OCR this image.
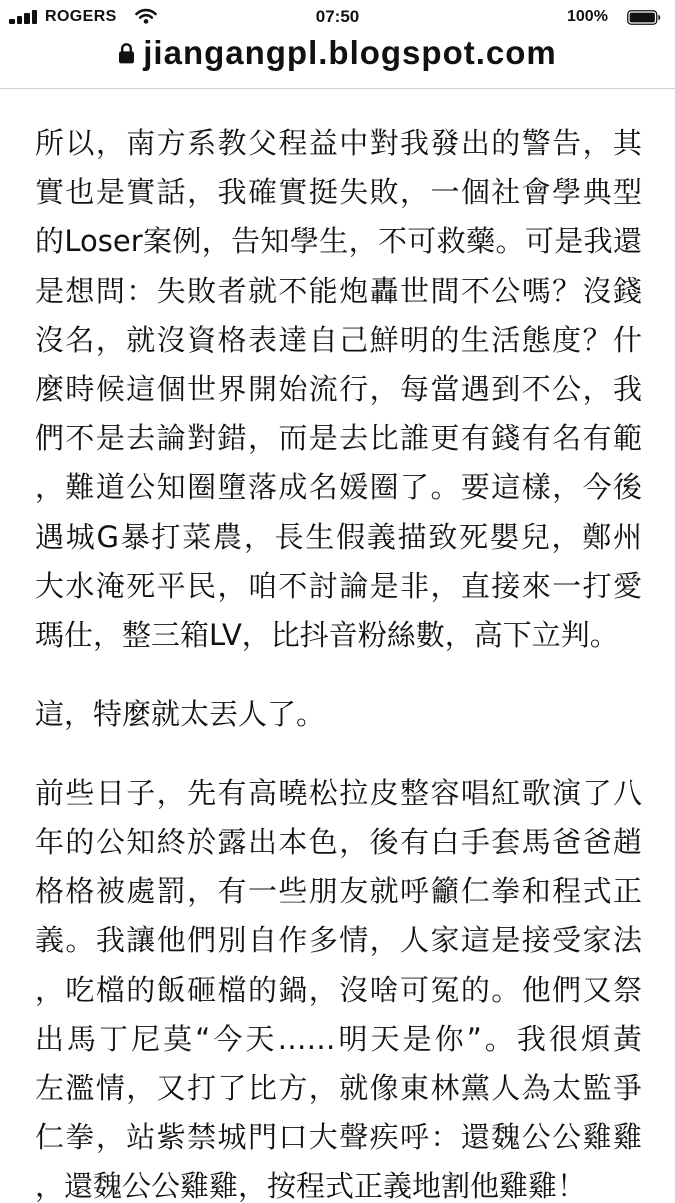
ROGERS	07:50	100%
jiangangpl.blogspot.com
所以，南方系教父程益中對我發出的警告，其
實也是實話，我確實挺失敗，一個社會學典型
的Loser案例，告知學生，不可救藥。可是我還
是想問：失敗者就不能炮轟世間不公嗎？沒錢
沒名，就沒資格表達自己鮮明的生活態度？什
麼時候這個世界開始流行，每當遇到不公，我
們不是去論對錯，而是去比誰更有錢有名有範
，難道公知圈墮落成名媛圈了。要這樣，今後
遇城G暴打菜農，長生假義描致死嬰兒，鄭州
大水淹死平民，咱不討論是非，直接來一打愛
瑪仕，整三箱LV，比抖音粉絲數，高下立判。
這，特麼就太丟人了。
前些日子，先有高曉松拉皮整容唱紅歌演了八
年的公知終於露出本色，後有白手套馬爸爸趙
格格被處罰，有一些朋友就呼籲仁拳和程式正
義。我讓他們別自作多情，人家這是接受家法
，吃檔的飯砸檔的鍋，沒啥可冤的。他們又祭
出馬丁尼莫“今天……明天是你”。我很煩黃
左濫情，又打了比方，就像東林黨人為太監爭
仁拳，站紫禁城門口大聲疾呼：還魏公公雞雞
，還魏公公雞雞，按程式正義地割他雞雞！
